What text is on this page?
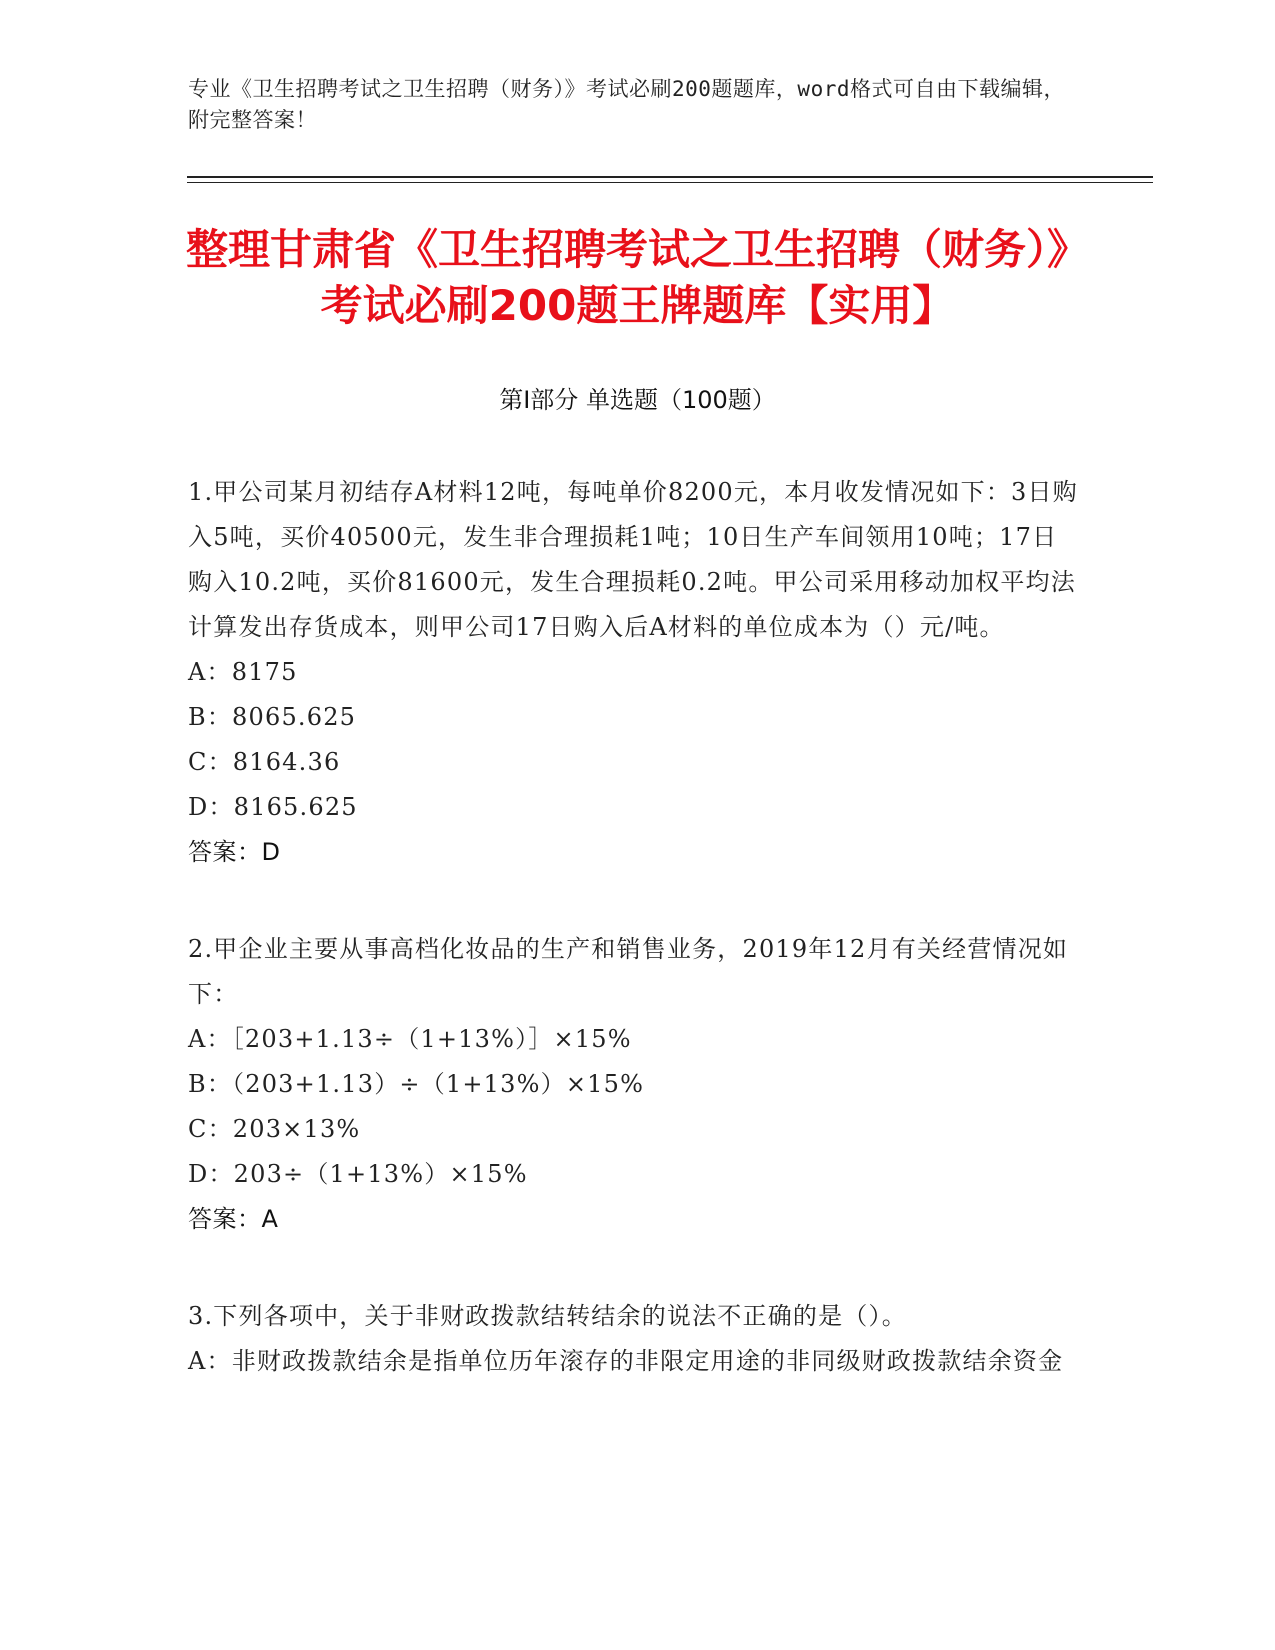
专业《卫生招聘考试之卫生招聘（财务）》考试必刷200题题库，word格式可自由下载编辑，附完整答案！
整理甘肃省《卫生招聘考试之卫生招聘（财务）》考试必刷200题王牌题库【实用】
第I部分 单选题（100题）

1.甲公司某月初结存A材料12吨，每吨单价8200元，本月收发情况如下：3日购入5吨，买价40500元，发生非合理损耗1吨；10日生产车间领用10吨；17日购入10.2吨，买价81600元，发生合理损耗0.2吨。甲公司采用移动加权平均法计算发出存货成本，则甲公司17日购入后A材料的单位成本为（）元/吨。

A：8175

B：8065.625

C：8164.36

D：8165.625

答案：D

2.甲企业主要从事高档化妆品的生产和销售业务，2019年12月有关经营情况如下：

A：［203+1.13÷（1+13%）］×15%

B：（203+1.13）÷（1+13%）×15%

C：203×13%

D：203÷（1+13%）×15%

答案：A

3.下列各项中，关于非财政拨款结转结余的说法不正确的是（）。

A：非财政拨款结余是指单位历年滚存的非限定用途的非同级财政拨款结余资金
